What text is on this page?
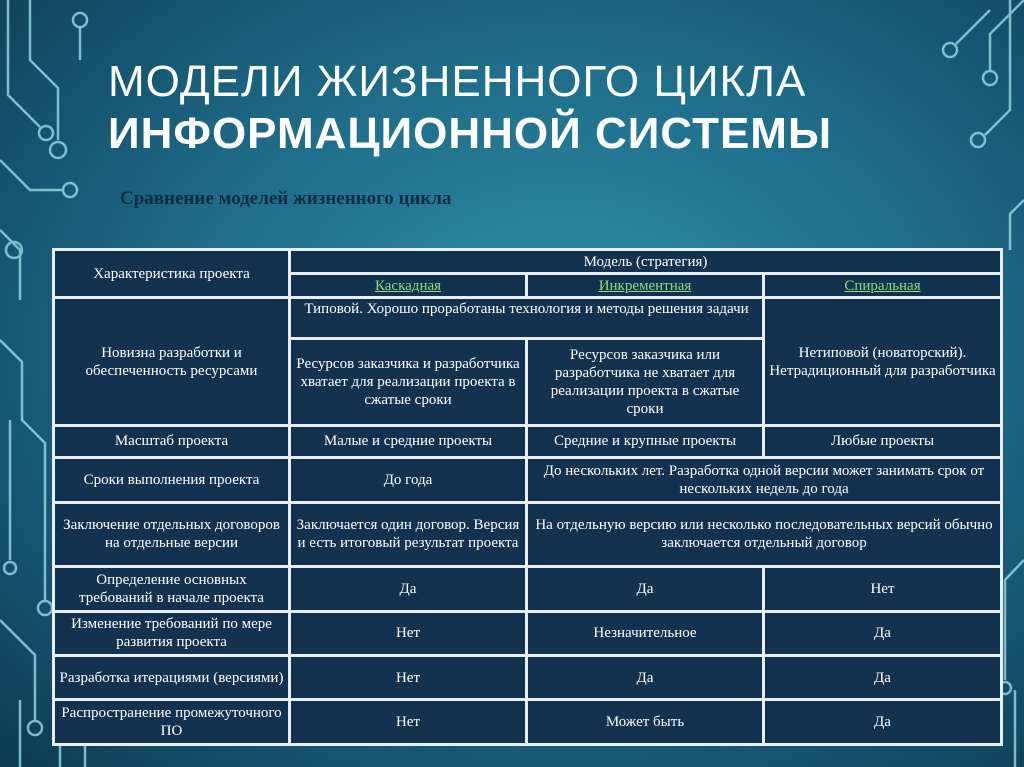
МОДЕЛИ ЖИЗНЕННОГО ЦИКЛА
ИНФОРМАЦИОННОЙ СИСТЕМЫ
Сравнение моделей жизненного цикла
Характеристика проекта	Модель (стратегия)		
	Каскадная	Инкрементная	Спиральная
Новизна разработки и обеспеченность ресурсами	Типовой. Хорошо проработаны технология и методы решения задачи		Нетиповой (новаторский). Нетрадиционный для разработчика
	Ресурсов заказчика и разработчика хватает для реализации проекта в сжатые сроки	Ресурсов заказчика или разработчика не хватает для реализации проекта в сжатые сроки	
Масштаб проекта	Малые и средние проекты	Средние и крупные проекты	Любые проекты
Сроки выполнения проекта	До года	До нескольких лет. Разработка одной версии может занимать срок от нескольких недель до года	
Заключение отдельных договоров на отдельные версии	Заключается один договор. Версия и есть итоговый результат проекта	На отдельную версию или несколько последовательных версий обычно заключается отдельный договор	
Определение основных требований в начале проекта	Да	Да	Нет
Изменение требований по мере развития проекта	Нет	Незначительное	Да
Разработка итерациями (версиями)	Нет	Да	Да
Распространение промежуточного ПО	Нет	Может быть	Да
